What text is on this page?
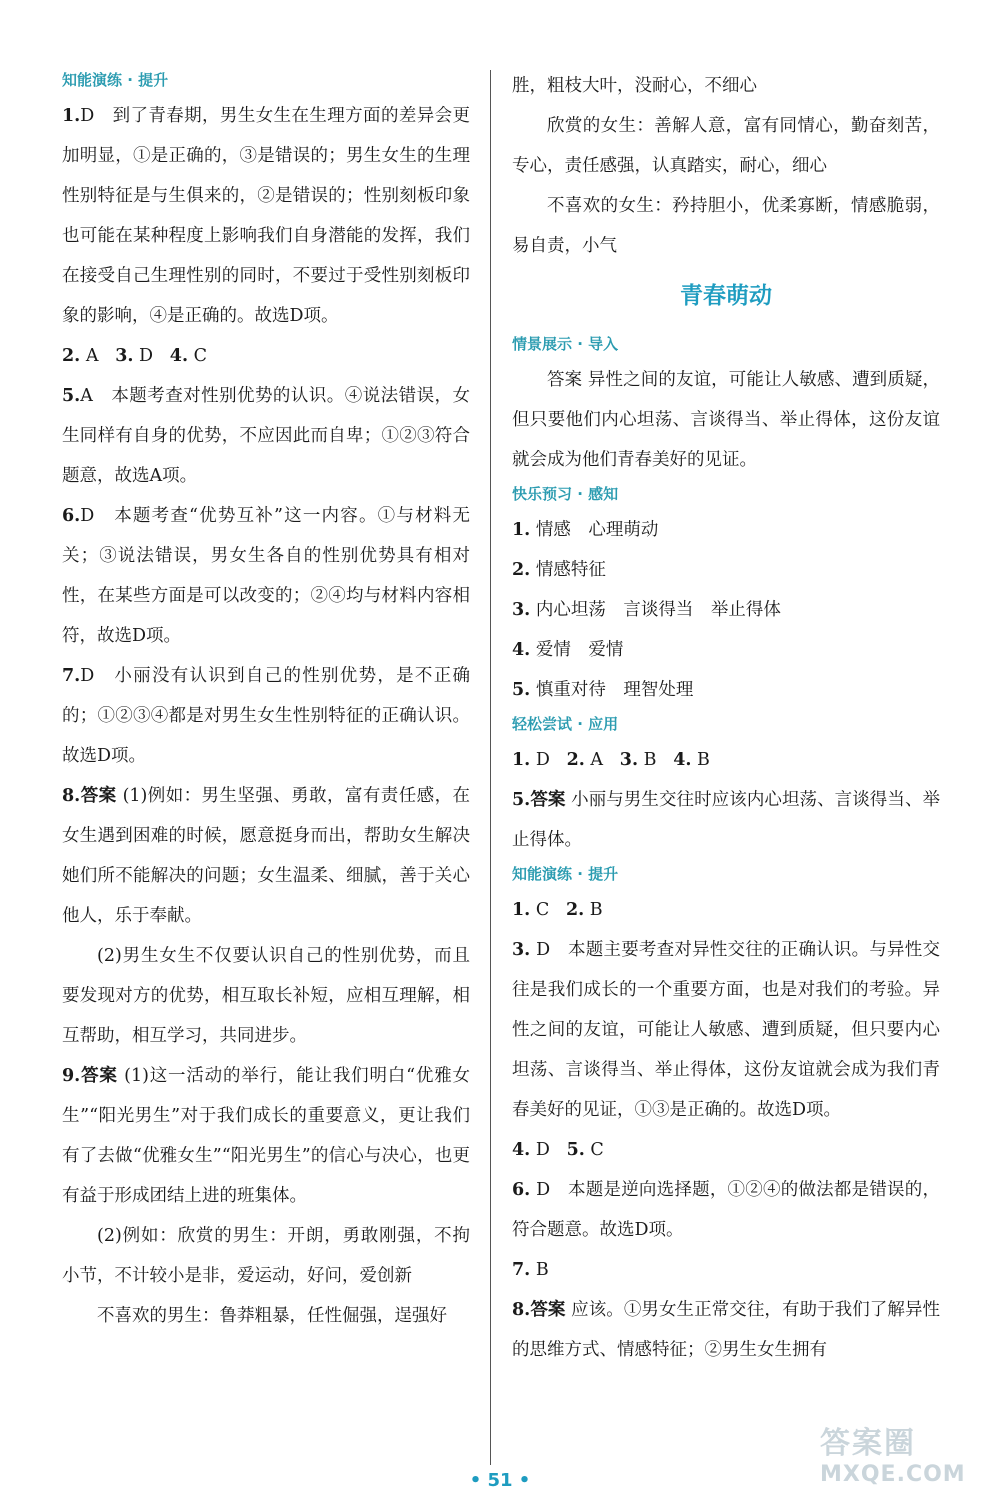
知能演练 · 提升

1.D　到了青春期，男生女生在生理方面的差异会更加明显，①是正确的，③是错误的；男生女生的生理性别特征是与生俱来的，②是错误的；性别刻板印象也可能在某种程度上影响我们自身潜能的发挥，我们在接受自己生理性别的同时，不要过于受性别刻板印象的影响，④是正确的。故选D项。

2. A 3. D 4. C

5.A　本题考查对性别优势的认识。④说法错误，女生同样有自身的优势，不应因此而自卑；①②③符合题意，故选A项。

6.D　本题考查“优势互补”这一内容。①与材料无关；③说法错误，男女生各自的性别优势具有相对性，在某些方面是可以改变的；②④均与材料内容相符，故选D项。

7.D　小丽没有认识到自己的性别优势，是不正确的；①②③④都是对男生女生性别特征的正确认识。故选D项。

8.答案 (1)例如：男生坚强、勇敢，富有责任感，在女生遇到困难的时候，愿意挺身而出，帮助女生解决她们所不能解决的问题；女生温柔、细腻，善于关心他人，乐于奉献。

(2)男生女生不仅要认识自己的性别优势，而且要发现对方的优势，相互取长补短，应相互理解，相互帮助，相互学习，共同进步。

9.答案 (1)这一活动的举行，能让我们明白“优雅女生”“阳光男生”对于我们成长的重要意义，更让我们有了去做“优雅女生”“阳光男生”的信心与决心，也更有益于形成团结上进的班集体。

(2)例如：欣赏的男生：开朗，勇敢刚强，不拘小节，不计较小是非，爱运动，好问，爱创新

不喜欢的男生：鲁莽粗暴，任性倔强，逞强好

胜，粗枝大叶，没耐心，不细心

欣赏的女生：善解人意，富有同情心，勤奋刻苦，专心，责任感强，认真踏实，耐心，细心

不喜欢的女生：矜持胆小，优柔寡断，情感脆弱，易自责，小气

青春萌动
情景展示 · 导入

答案 异性之间的友谊，可能让人敏感、遭到质疑，但只要他们内心坦荡、言谈得当、举止得体，这份友谊就会成为他们青春美好的见证。

快乐预习 · 感知

1. 情感　心理萌动

2. 情感特征

3. 内心坦荡　言谈得当　举止得体

4. 爱情　爱情

5. 慎重对待　理智处理

轻松尝试 · 应用

1. D 2. A 3. B 4. B

5.答案 小丽与男生交往时应该内心坦荡、言谈得当、举止得体。

知能演练 · 提升

1. C 2. B

3. D　本题主要考查对异性交往的正确认识。与异性交往是我们成长的一个重要方面，也是对我们的考验。异性之间的友谊，可能让人敏感、遭到质疑，但只要内心坦荡、言谈得当、举止得体，这份友谊就会成为我们青春美好的见证，①③是正确的。故选D项。

4. D 5. C

6. D　本题是逆向选择题，①②④的做法都是错误的，符合题意。故选D项。

7. B

8.答案 应该。①男女生正常交往，有助于我们了解异性的思维方式、情感特征；②男生女生拥有

• 51 •
答案圈
MXQE.COM
